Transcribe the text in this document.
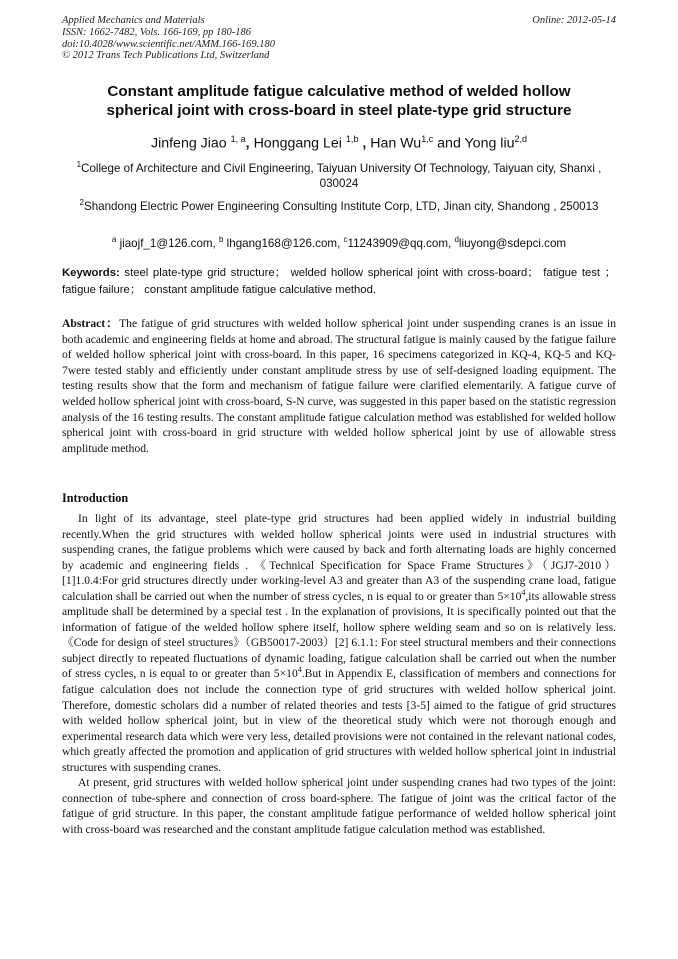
Applied Mechanics and Materials
ISSN: 1662-7482, Vols. 166-169, pp 180-186
doi:10.4028/www.scientific.net/AMM.166-169.180
© 2012 Trans Tech Publications Ltd, Switzerland
Online: 2012-05-14
Constant amplitude fatigue calculative method of welded hollow
spherical joint with cross-board in steel plate-type grid structure
Jinfeng Jiao $^{1, a}$, Honggang Lei $^{1,b}$ , Han Wu$^{1,c}$ and Yong liu$^{2,d}$
$^1$College of Architecture and Civil Engineering, Taiyuan University Of Technology, Taiyuan city, Shanxi , 030024
$^2$Shandong Electric Power Engineering Consulting Institute Corp, LTD, Jinan city, Shandong , 250013
$^a$ jiaojf_1@126.com, $^b$ lhgang168@126.com, $^c$11243909@qq.com, $^d$liuyong@sdepci.com
Keywords: steel plate-type grid structure； welded hollow spherical joint with cross-board； fatigue test ；fatigue failure； constant amplitude fatigue calculative method.
Abstract：The fatigue of grid structures with welded hollow spherical joint under suspending cranes is an issue in both academic and engineering fields at home and abroad. The structural fatigue is mainly caused by the fatigue failure of welded hollow spherical joint with cross-board. In this paper, 16 specimens categorized in KQ-4, KQ-5 and KQ-7were tested stably and efficiently under constant amplitude stress by use of self-designed loading equipment. The testing results show that the form and mechanism of fatigue failure were clarified elementarily. A fatigue curve of welded hollow spherical joint with cross-board, S-N curve, was suggested in this paper based on the statistic regression analysis of the 16 testing results. The constant amplitude fatigue calculation method was established for welded hollow spherical joint with cross-board in grid structure with welded hollow spherical joint by use of allowable stress amplitude method.
Introduction

In light of its advantage, steel plate-type grid structures had been applied widely in industrial building recently.When the grid structures with welded hollow spherical joints were used in industrial structures with suspending cranes, the fatigue problems which were caused by back and forth alternating loads are highly concerned by academic and engineering fields . 《Technical Specification for Space Frame Structures》（JGJ7-2010）[1]1.0.4:For grid structures directly under working-level A3 and greater than A3 of the suspending crane load, fatigue calculation shall be carried out when the number of stress cycles, n is equal to or greater than $5\times 10^4,its$ allowable stress amplitude shall be determined by a special test . In the explanation of provisions, It is specifically pointed out that the information of fatigue of the welded hollow sphere itself, hollow sphere welding seam and so on is relatively less.《Code for design of steel structures》（GB50017-2003）[2] 6.1.1: For steel structural members and their connections subject directly to repeated fluctuations of dynamic loading, fatigue calculation shall be carried out when the number of stress cycles, n is equal to or greater than $5\times 10^4.But$ in Appendix E, classification of members and connections for fatigue calculation does not include the connection type of grid structures with welded hollow spherical joint. Therefore, domestic scholars did a number of related theories and tests [3-5] aimed to the fatigue of grid structures with welded hollow spherical joint, but in view of the theoretical study which were not thorough enough and experimental research data which were very less, detailed provisions were not contained in the relevant national codes, which greatly affected the promotion and application of grid structures with welded hollow spherical joint in industrial structures with suspending cranes.

At present, grid structures with welded hollow spherical joint under suspending cranes had two types of the joint: connection of tube-sphere and connection of cross board-sphere. The fatigue of joint was the critical factor of the fatigue of grid structure. In this paper, the constant amplitude fatigue performance of welded hollow spherical joint with cross-board was researched and the constant amplitude fatigue calculation method was established.
